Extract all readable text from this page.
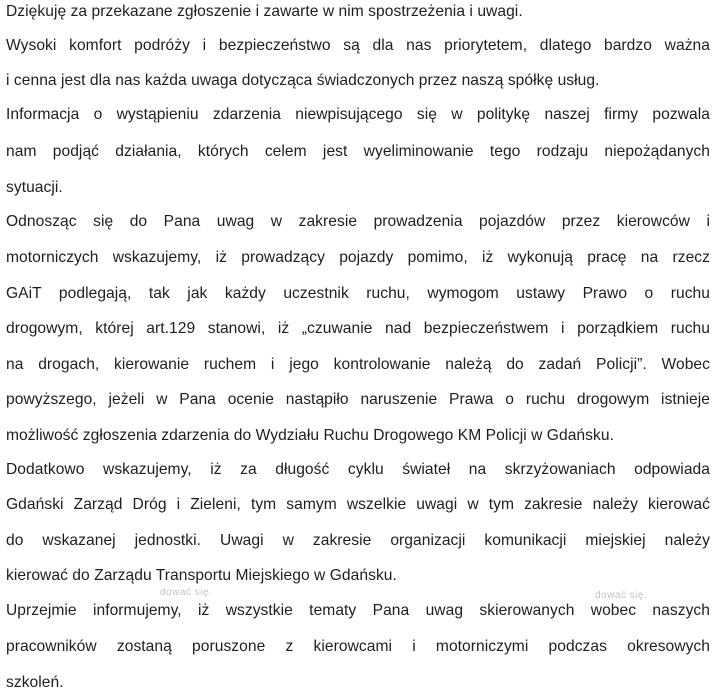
Dziękuję za przekazane zgłoszenie i zawarte w nim spostrzeżenia i uwagi.
Wysoki komfort podróży i bezpieczeństwo są dla nas priorytetem, dlatego bardzo ważna
i cenna jest dla nas każda uwaga dotycząca świadczonych przez naszą spółkę usług.
Informacja o wystąpieniu zdarzenia niewpisującego się w politykę naszej firmy pozwala
nam podjąć działania, których celem jest wyeliminowanie tego rodzaju niepożądanych
sytuacji.
Odnosząc się do Pana uwag w zakresie prowadzenia pojazdów przez kierowców i
motorniczych wskazujemy, iż prowadzący pojazdy pomimo, iż wykonują pracę na rzecz
GAiT podlegają, tak jak każdy uczestnik ruchu, wymogom ustawy Prawo o ruchu
drogowym, której art.129 stanowi, iż „czuwanie nad bezpieczeństwem i porządkiem ruchu
na drogach, kierowanie ruchem i jego kontrolowanie należą do zadań Policji”. Wobec
powyższego, jeżeli w Pana ocenie nastąpiło naruszenie Prawa o ruchu drogowym istnieje
możliwość zgłoszenia zdarzenia do Wydziału Ruchu Drogowego KM Policji w Gdańsku.
Dodatkowo wskazujemy, iż za długość cyklu świateł na skrzyżowaniach odpowiada
Gdański Zarząd Dróg i Zieleni, tym samym wszelkie uwagi w tym zakresie należy kierować
do wskazanej jednostki. Uwagi w zakresie organizacji komunikacji miejskiej należy
kierować do Zarządu Transportu Miejskiego w Gdańsku.
Uprzejmie informujemy, iż wszystkie tematy Pana uwag skierowanych wobec naszych
pracowników zostaną poruszone z kierowcami i motorniczymi podczas okresowych
szkoleń.
dować się.	dować się.
